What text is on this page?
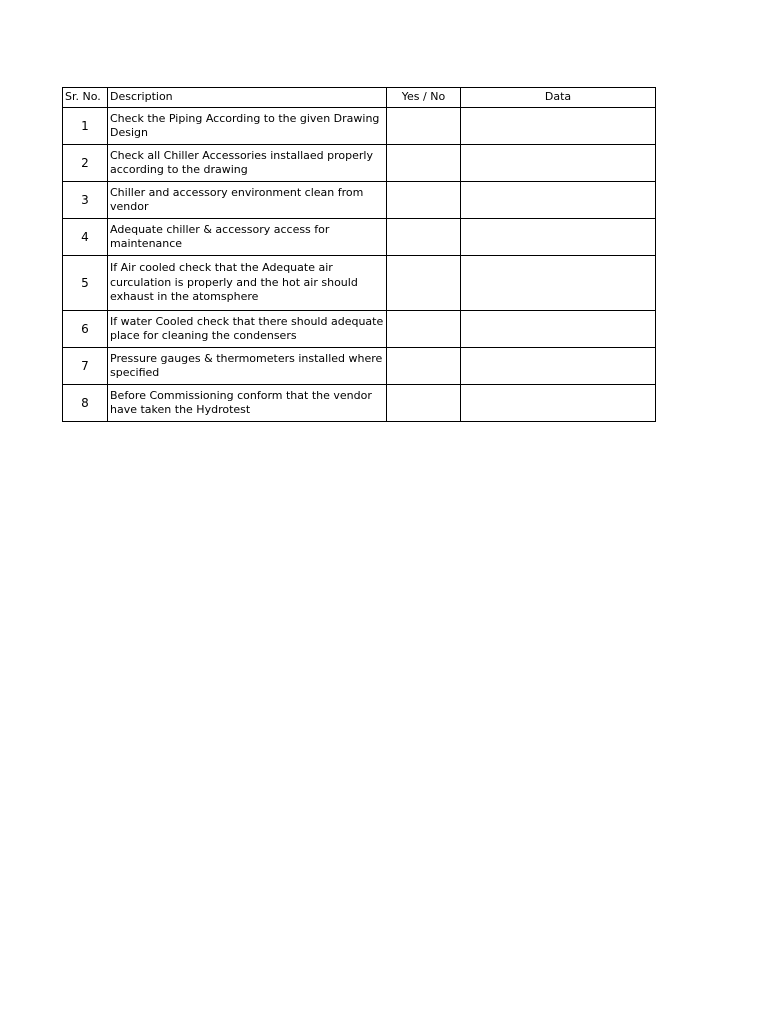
Sr. No.	Description	Yes / No	Data
1	Check the Piping According to the given Drawing Design		
2	Check all Chiller Accessories installaed properly according to the drawing		
3	Chiller and accessory environment clean from vendor		
4	Adequate chiller & accessory access for maintenance		
5	If Air cooled check that the Adequate air curculation is properly and the hot air should exhaust in the atomsphere		
6	If water Cooled check that there should adequate place for cleaning the condensers		
7	Pressure gauges & thermometers installed where specified		
8	Before Commissioning conform that the vendor have taken the Hydrotest		
